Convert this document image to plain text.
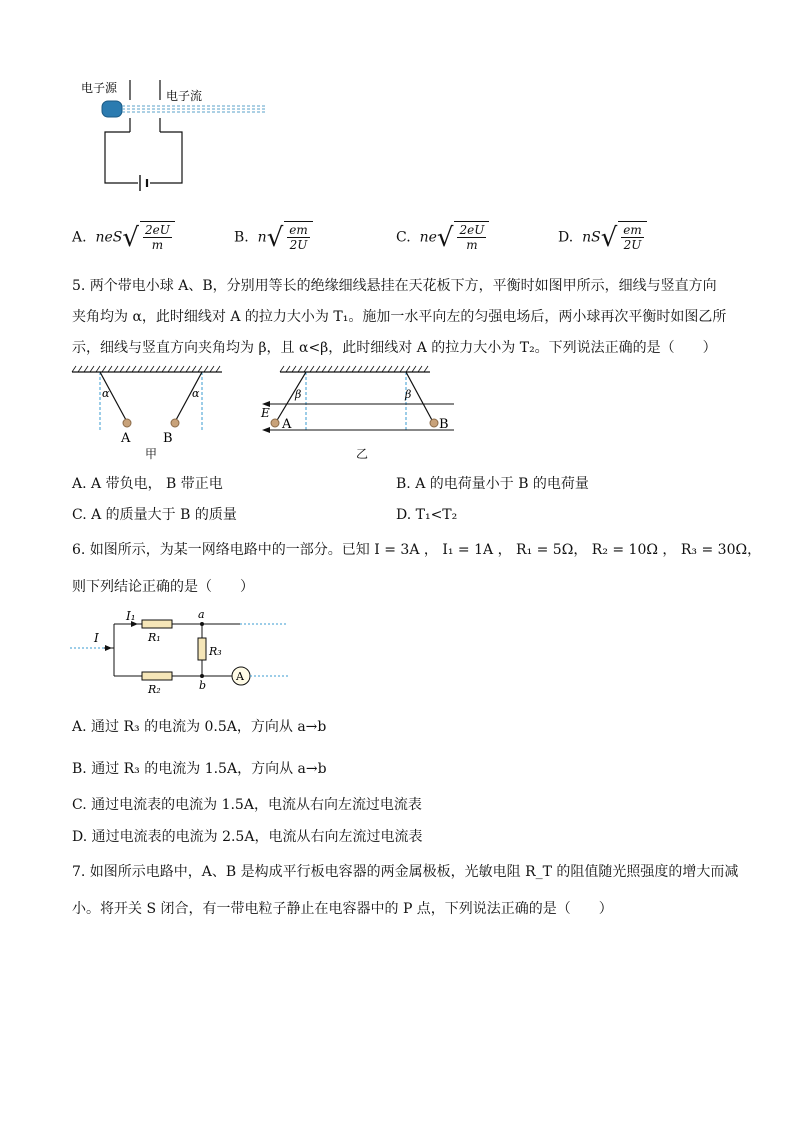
电子源
电子流
A. $neS√ \frac{2eU}{m}$	B. $n√ \frac{em}{2U}$	C. $ne√ \frac{2eU}{m}$	D. $nS√ \frac{em}{2U}$
5. 两个带电小球 A、B，分别用等长的绝缘细线悬挂在天花板下方，平衡时如图甲所示，细线与竖直方向
夹角均为 α，此时细线对 A 的拉力大小为 T₁。施加一水平向左的匀强电场后，两小球再次平衡时如图乙所
示，细线与竖直方向夹角均为 β，且 α<β，此时细线对 A 的拉力大小为 T₂。下列说法正确的是（　　）
α	α
A	B
甲
β	β
E
A	B
乙
A. A 带负电， B 带正电	B. A 的电荷量小于 B 的电荷量
C. A 的质量大于 B 的质量	D. T₁<T₂
6. 如图所示，为某一网络电路中的一部分。已知 I = 3A ， I₁ = 1A ， R₁ = 5Ω， R₂ = 10Ω ， R₃ = 30Ω，
则下列结论正确的是（　　）
I
I₁
R₁
a
R₃
b
R₂
A
A. 通过 R₃ 的电流为 0.5A，方向从 a→b
B. 通过 R₃ 的电流为 1.5A，方向从 a→b
C. 通过电流表的电流为 1.5A，电流从右向左流过电流表
D. 通过电流表的电流为 2.5A，电流从右向左流过电流表
7. 如图所示电路中，A、B 是构成平行板电容器的两金属极板，光敏电阻 R_T 的阻值随光照强度的增大而减
小。将开关 S 闭合，有一带电粒子静止在电容器中的 P 点，下列说法正确的是（　　）
